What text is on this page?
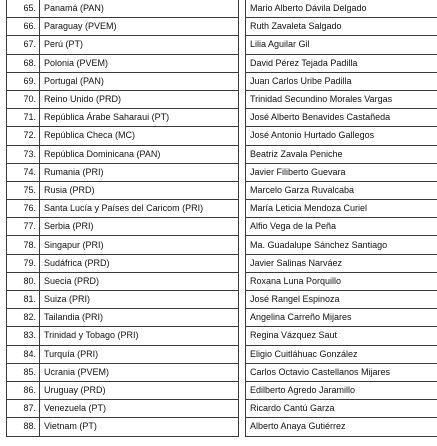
65.	Panamá (PAN)		Mario Alberto Dávila Delgado
66.	Paraguay (PVEM)		Ruth Zavaleta Salgado
67.	Perú (PT)		Lilia Aguilar Gil
68.	Polonia (PVEM)		David Pérez Tejada Padilla
69.	Portugal (PAN)		Juan Carlos Uribe Padilla
70.	Reino Unido (PRD)		Trinidad Secundino Morales Vargas
71.	República Árabe Saharaui (PT)		José Alberto Benavides Castañeda
72.	República Checa (MC)		José Antonio Hurtado Gallegos
73.	República Dominicana (PAN)		Beatriz Zavala Peniche
74.	Rumania (PRI)		Javier Filiberto Guevara
75.	Rusia (PRD)		Marcelo Garza Ruvalcaba
76.	Santa Lucía y Países del Caricom (PRI)		María Leticia Mendoza Curiel
77.	Serbia (PRI)		Alfio Vega de la Peña
78.	Singapur (PRI)		Ma. Guadalupe Sánchez Santiago
79.	Sudáfrica (PRD)		Javier Salinas Narváez
80.	Suecia (PRD)		Roxana Luna Porquillo
81.	Suiza (PRI)		José Rangel Espinoza
82.	Tailandia (PRI)		Angelina Carreño Mijares
83.	Trinidad y Tobago (PRI)		Regina Vázquez Saut
84.	Turquía (PRI)		Eligio Cuitláhuac González
85.	Ucrania (PVEM)		Carlos Octavio Castellanos Mijares
86.	Uruguay (PRD)		Edilberto Agredo Jaramillo
87.	Venezuela (PT)		Ricardo Cantú Garza
88.	Vietnam (PT)		Alberto Anaya Gutiérrez
